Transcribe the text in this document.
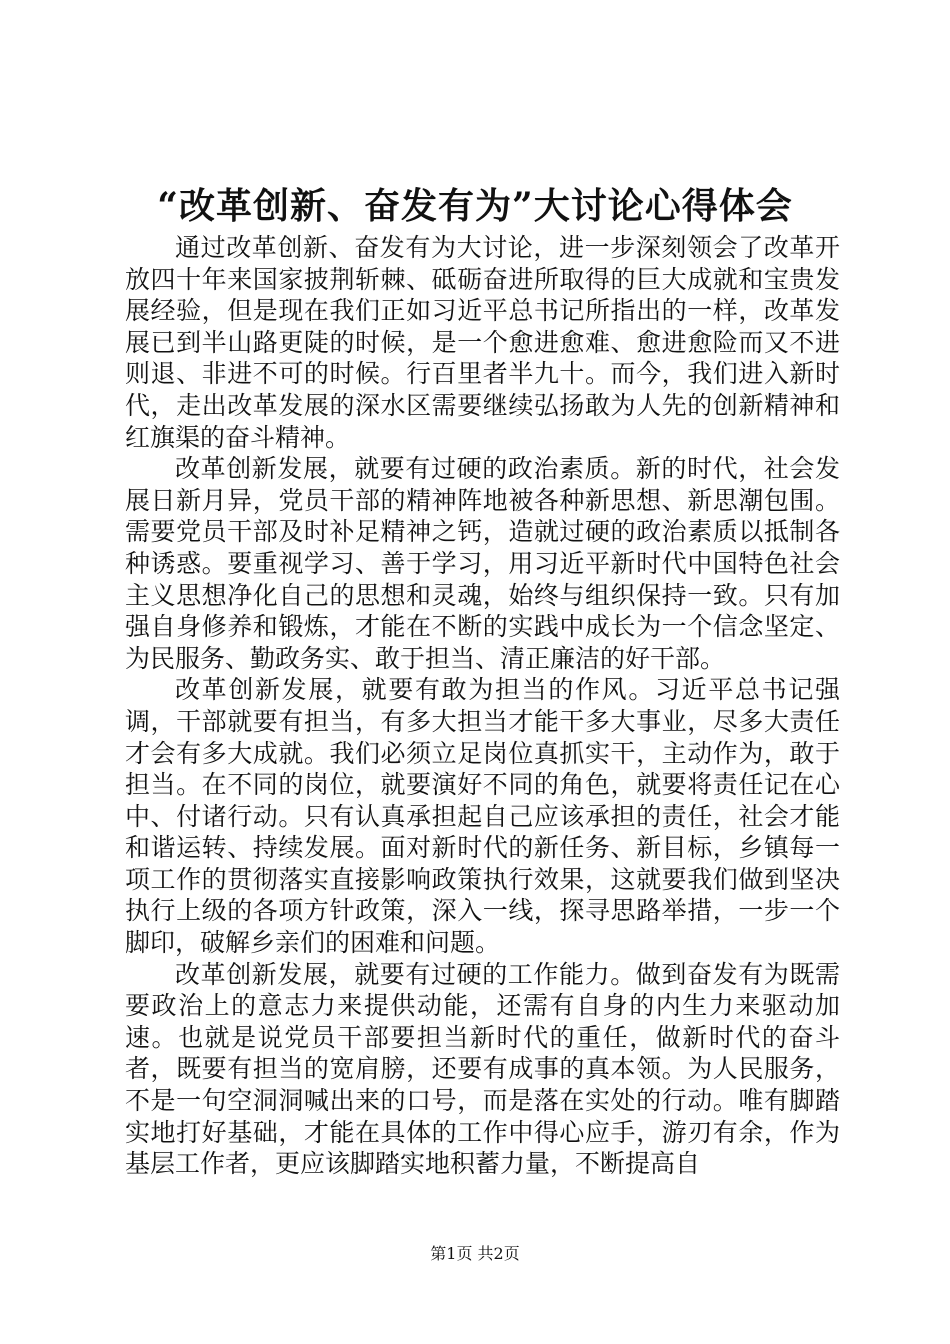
“改革创新、奋发有为”大讨论心得体会

通过改革创新、奋发有为大讨论，进一步深刻领会了改革开放四十年来国家披荆斩棘、砥砺奋进所取得的巨大成就和宝贵发展经验，但是现在我们正如习近平总书记所指出的一样，改革发展已到半山路更陡的时候，是一个愈进愈难、愈进愈险而又不进则退、非进不可的时候。行百里者半九十。而今，我们进入新时代，走出改革发展的深水区需要继续弘扬敢为人先的创新精神和红旗渠的奋斗精神。

改革创新发展，就要有过硬的政治素质。新的时代，社会发展日新月异，党员干部的精神阵地被各种新思想、新思潮包围。需要党员干部及时补足精神之钙，造就过硬的政治素质以抵制各种诱惑。要重视学习、善于学习，用习近平新时代中国特色社会主义思想净化自己的思想和灵魂，始终与组织保持一致。只有加强自身修养和锻炼，才能在不断的实践中成长为一个信念坚定、为民服务、勤政务实、敢于担当、清正廉洁的好干部。

改革创新发展，就要有敢为担当的作风。习近平总书记强调，干部就要有担当，有多大担当才能干多大事业，尽多大责任才会有多大成就。我们必须立足岗位真抓实干，主动作为，敢于担当。在不同的岗位，就要演好不同的角色，就要将责任记在心中、付诸行动。只有认真承担起自己应该承担的责任，社会才能和谐运转、持续发展。面对新时代的新任务、新目标，乡镇每一项工作的贯彻落实直接影响政策执行效果，这就要我们做到坚决执行上级的各项方针政策，深入一线，探寻思路举措，一步一个脚印，破解乡亲们的困难和问题。

改革创新发展，就要有过硬的工作能力。做到奋发有为既需要政治上的意志力来提供动能，还需有自身的内生力来驱动加速。也就是说党员干部要担当新时代的重任，做新时代的奋斗者，既要有担当的宽肩膀，还要有成事的真本领。为人民服务，不是一句空洞洞喊出来的口号，而是落在实处的行动。唯有脚踏实地打好基础，才能在具体的工作中得心应手，游刃有余，作为基层工作者，更应该脚踏实地积蓄力量，不断提高自

第1页 共2页
